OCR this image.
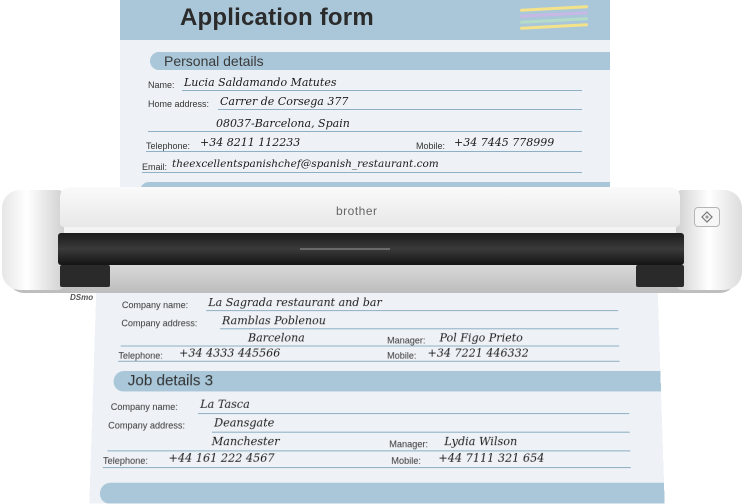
Application form
Personal details
Name: Lucia Saldamando Matutes
Home address: Carrer de Corsega 377
08037-Barcelona, Spain
Telephone: +34 8211 112233	Mobile: +34 7445 778999
Email: theexcellentspanishchef@spanish_restaurant.com
Company name: La Sagrada restaurant and bar
Company address: Ramblas Poblenou
Barcelona	Manager: Pol Figo Prieto
Telephone: +34 4333 445566	Mobile: +34 7221 446332
Job details 3
Company name: La Tasca
Company address:	Deansgate
Manchester	Manager: Lydia Wilson
Telephone: +44 161 222 4567	Mobile: +44 7111 321 654
brother
DSmo
